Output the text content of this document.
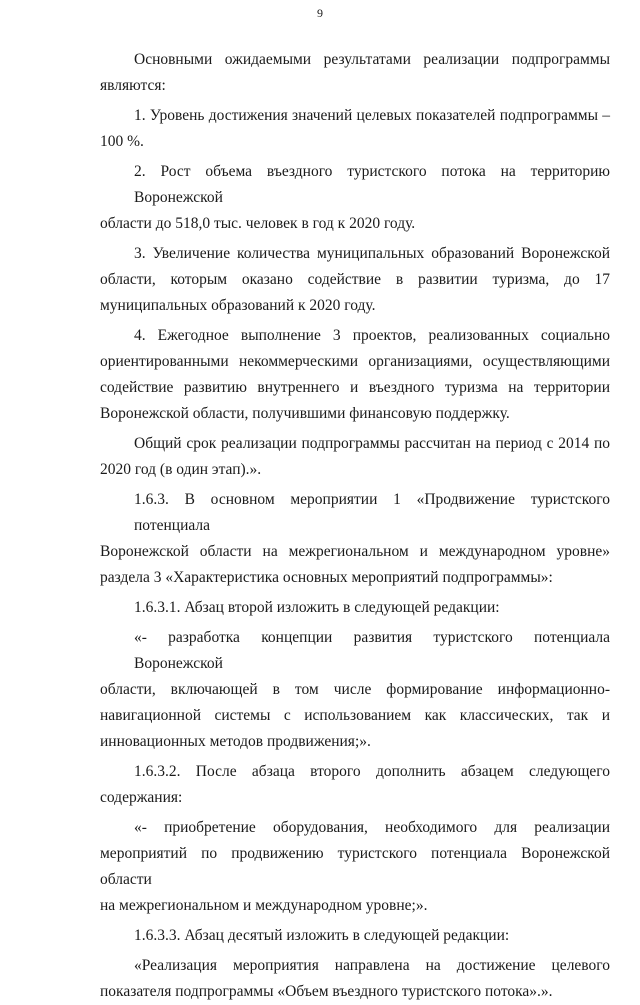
9

Основными ожидаемыми результатами реализации подпрограммы
являются:

1. Уровень достижения значений целевых показателей подпрограммы –
100 %.

2. Рост объема въездного туристского потока на территорию Воронежской
области до 518,0 тыс. человек в год к 2020 году.

3. Увеличение количества муниципальных образований Воронежской
области, которым оказано содействие в развитии туризма, до 17
муниципальных образований к 2020 году.

4. Ежегодное выполнение 3 проектов, реализованных социально
ориентированными некоммерческими организациями, осуществляющими
содействие развитию внутреннего и въездного туризма на территории
Воронежской области, получившими финансовую поддержку.

Общий срок реализации подпрограммы рассчитан на период с 2014 по
2020 год (в один этап).».

1.6.3. В основном мероприятии 1 «Продвижение туристского потенциала
Воронежской области на межрегиональном и международном уровне»
раздела 3 «Характеристика основных мероприятий подпрограммы»:

1.6.3.1. Абзац второй изложить в следующей редакции:

«- разработка концепции развития туристского потенциала Воронежской
области, включающей в том числе формирование информационно-
навигационной системы с использованием как классических, так и
инновационных методов продвижения;».

1.6.3.2. После абзаца второго дополнить абзацем следующего
содержания:

«- приобретение оборудования, необходимого для реализации
мероприятий по продвижению туристского потенциала Воронежской области
на межрегиональном и международном уровне;».

1.6.3.3. Абзац десятый изложить в следующей редакции:

«Реализация мероприятия направлена на достижение целевого
показателя подпрограммы «Объем въездного туристского потока».».
